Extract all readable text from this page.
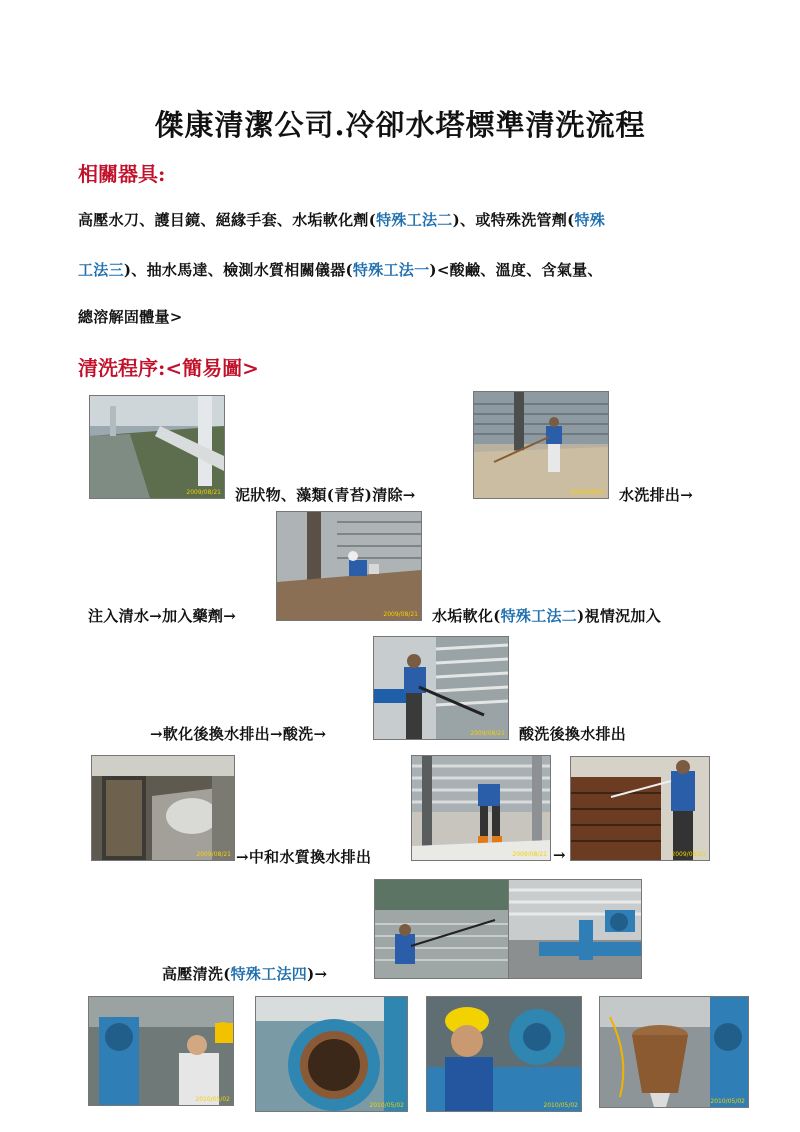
傑康清潔公司.冷卻水塔標準清洗流程
相關器具:
高壓水刀、護目鏡、絕緣手套、水垢軟化劑(特殊工法二)、或特殊洗管劑(特殊
工法三)、抽水馬達、檢測水質相關儀器(特殊工法一)<酸鹼、溫度、含氣量、
總溶解固體量>
清洗程序:<簡易圖>
2009/08/21 泥狀物、藻類(青苔)清除→	2009/08/21 水洗排出→
注入清水→加入藥劑→	2009/08/21 水垢軟化(特殊工法二)視情況加入
→軟化後換水排出→酸洗→	2009/08/21 酸洗後換水排出
2009/08/21 →中和水質換水排出	2009/08/21 →	2009/08/21
高壓清洗(特殊工法四)→
2010/05/02
2010/05/02	2010/05/02
2010/05/02
